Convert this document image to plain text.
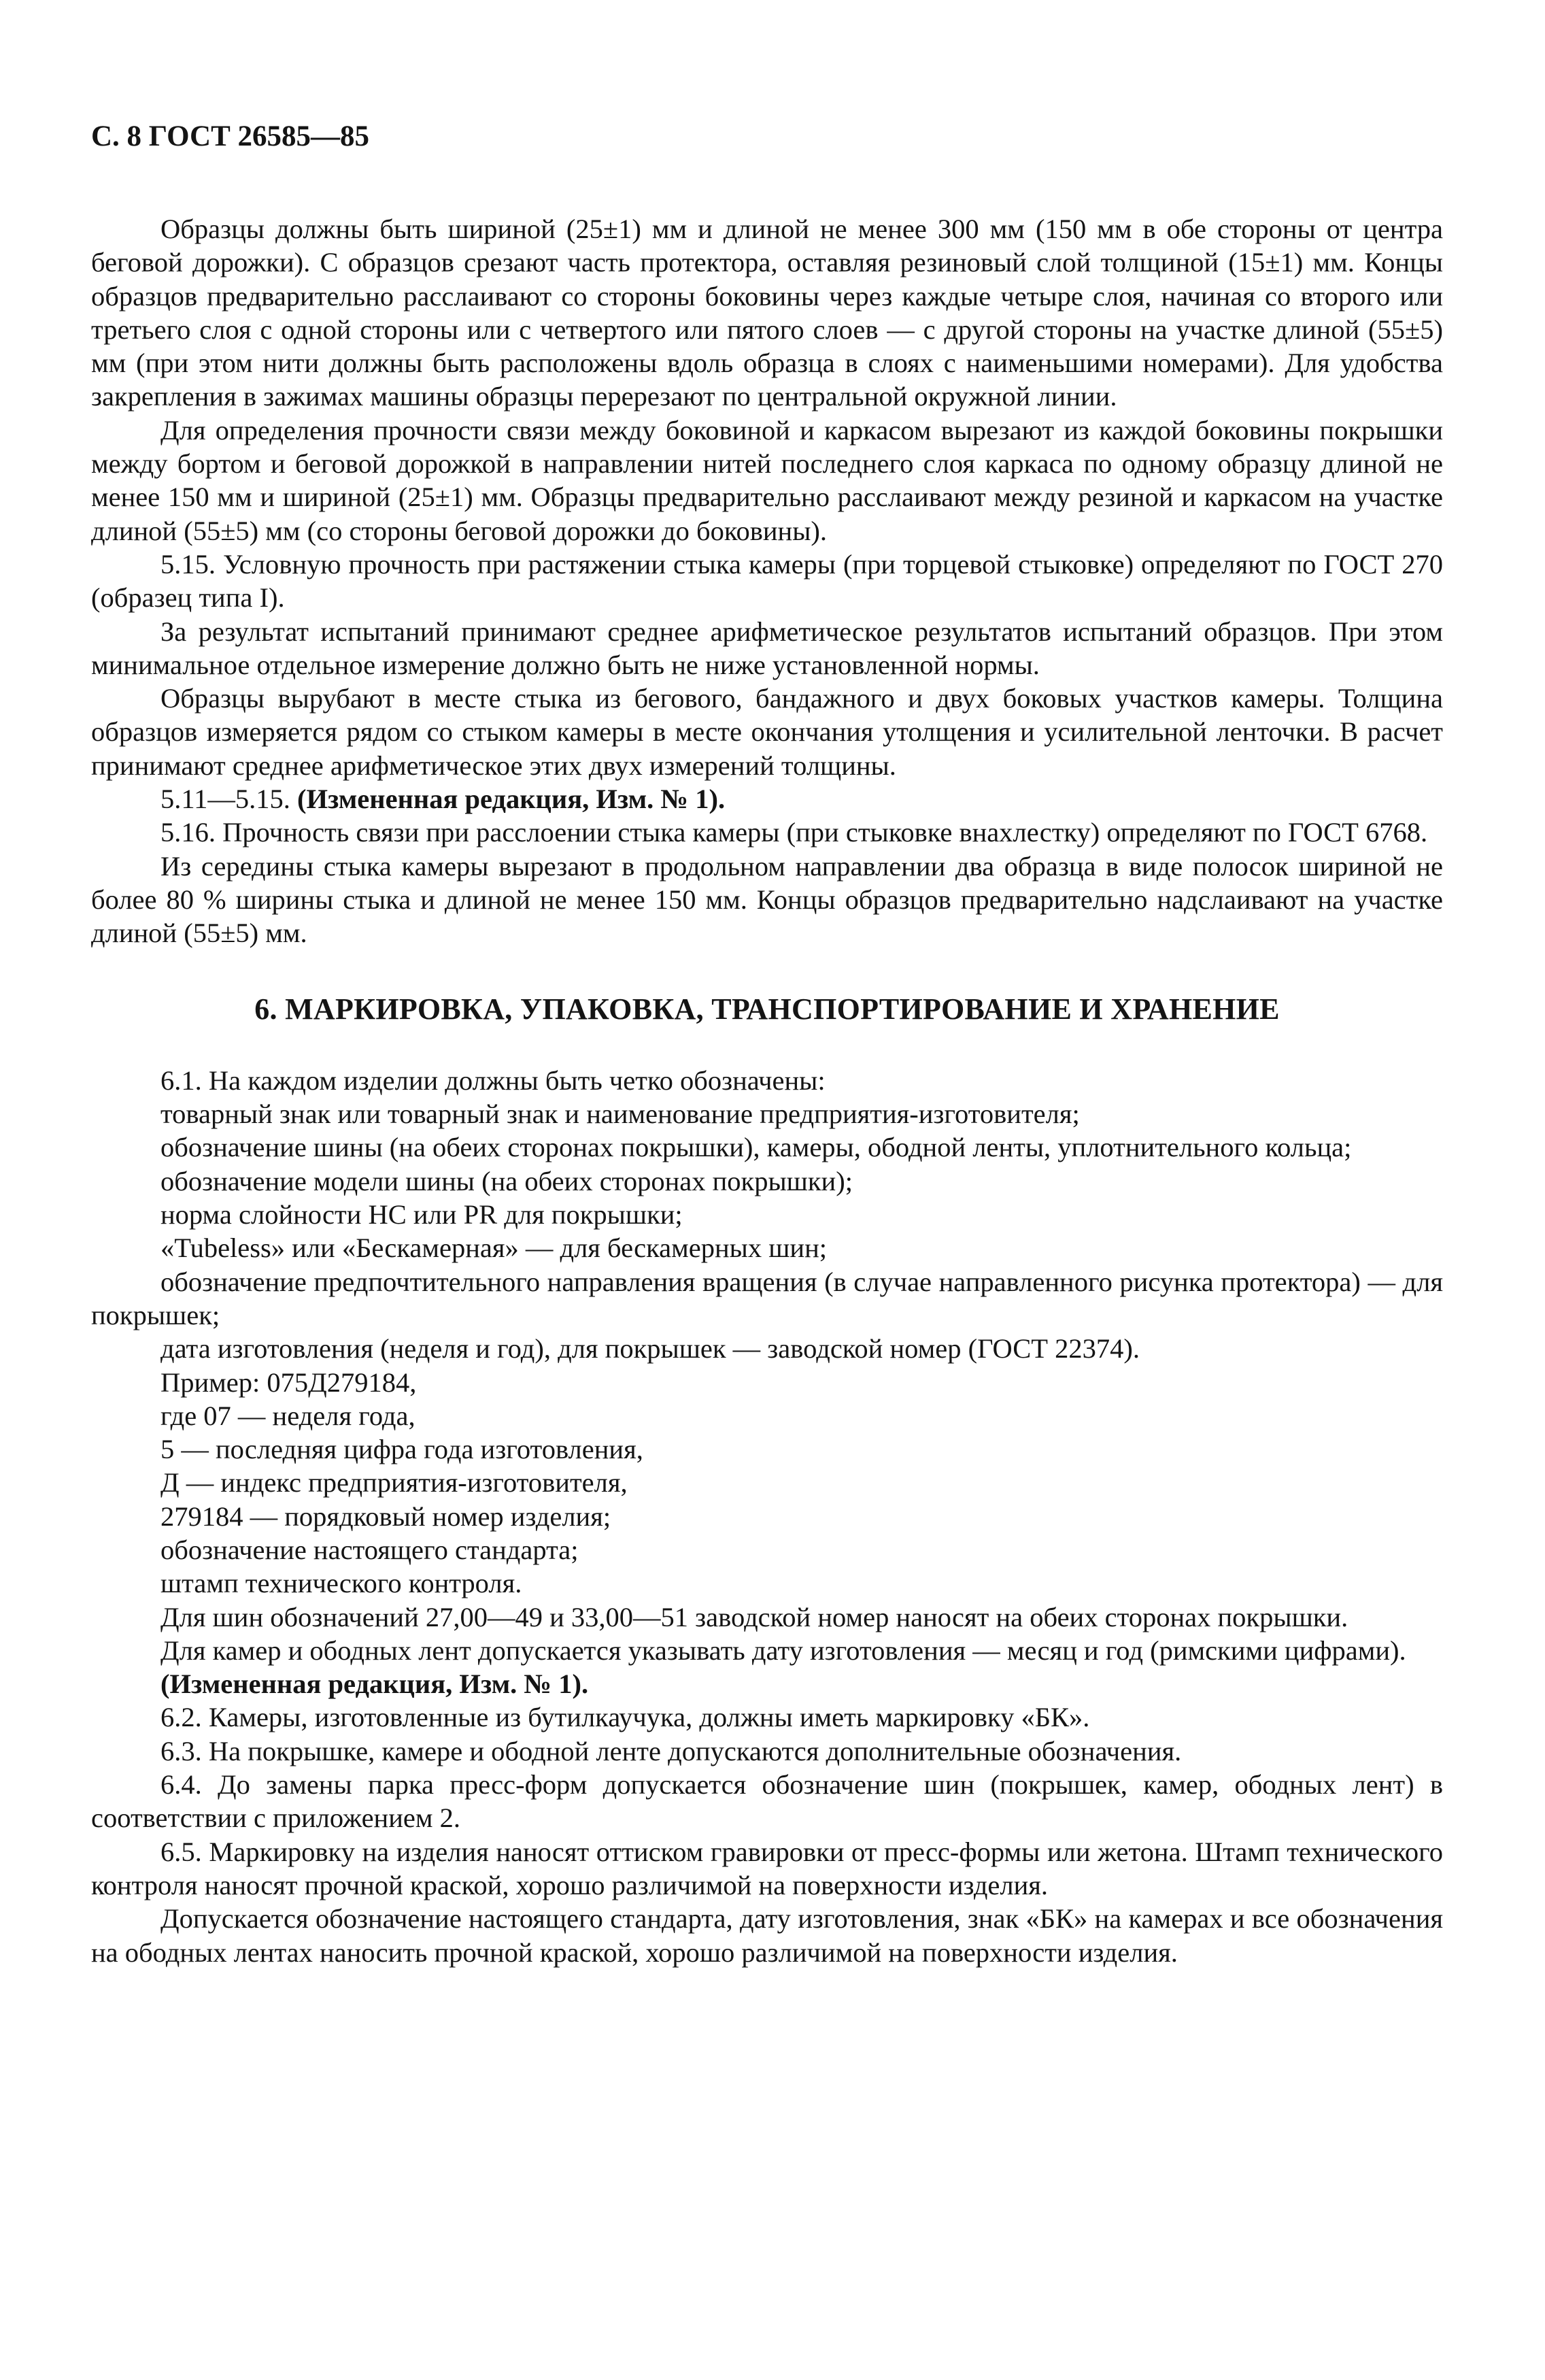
С. 8 ГОСТ 26585—85

Образцы должны быть шириной (25±1) мм и длиной не менее 300 мм (150 мм в обе стороны от центра беговой дорожки). С образцов срезают часть протектора, оставляя резиновый слой толщиной (15±1) мм. Концы образцов предварительно расслаивают со стороны боковины через каждые четыре слоя, начиная со второго или третьего слоя с одной стороны или с четвертого или пятого слоев — с другой стороны на участке длиной (55±5) мм (при этом нити должны быть расположены вдоль образца в слоях с наименьшими номерами). Для удобства закрепления в зажимах машины образцы перерезают по центральной окружной линии.

Для определения прочности связи между боковиной и каркасом вырезают из каждой боковины покрышки между бортом и беговой дорожкой в направлении нитей последнего слоя каркаса по одному образцу длиной не менее 150 мм и шириной (25±1) мм. Образцы предварительно расслаивают между резиной и каркасом на участке длиной (55±5) мм (со стороны беговой дорожки до боковины).

5.15. Условную прочность при растяжении стыка камеры (при торцевой стыковке) определяют по ГОСТ 270 (образец типа I).

За результат испытаний принимают среднее арифметическое результатов испытаний образцов. При этом минимальное отдельное измерение должно быть не ниже установленной нормы.

Образцы вырубают в месте стыка из бегового, бандажного и двух боковых участков камеры. Толщина образцов измеряется рядом со стыком камеры в месте окончания утолщения и усилительной ленточки. В расчет принимают среднее арифметическое этих двух измерений толщины.

5.11—5.15. (Измененная редакция, Изм. № 1).

5.16. Прочность связи при расслоении стыка камеры (при стыковке внахлестку) определяют по ГОСТ 6768.

Из середины стыка камеры вырезают в продольном направлении два образца в виде полосок шириной не более 80 % ширины стыка и длиной не менее 150 мм. Концы образцов предварительно надслаивают на участке длиной (55±5) мм.

6. МАРКИРОВКА, УПАКОВКА, ТРАНСПОРТИРОВАНИЕ И ХРАНЕНИЕ

6.1. На каждом изделии должны быть четко обозначены:

товарный знак или товарный знак и наименование предприятия-изготовителя;

обозначение шины (на обеих сторонах покрышки), камеры, ободной ленты, уплотнительного кольца;

обозначение модели шины (на обеих сторонах покрышки);

норма слойности НС или PR для покрышки;

«Tubeless» или «Бескамерная» — для бескамерных шин;

обозначение предпочтительного направления вращения (в случае направленного рисунка протектора) — для покрышек;

дата изготовления (неделя и год), для покрышек — заводской номер (ГОСТ 22374).

Пример: 075Д279184,

где 07 — неделя года,

5 — последняя цифра года изготовления,

Д — индекс предприятия-изготовителя,

279184 — порядковый номер изделия;

обозначение настоящего стандарта;

штамп технического контроля.

Для шин обозначений 27,00—49 и 33,00—51 заводской номер наносят на обеих сторонах покрышки.

Для камер и ободных лент допускается указывать дату изготовления — месяц и год (римскими цифрами).

(Измененная редакция, Изм. № 1).

6.2. Камеры, изготовленные из бутилкаучука, должны иметь маркировку «БК».

6.3. На покрышке, камере и ободной ленте допускаются дополнительные обозначения.

6.4. До замены парка пресс-форм допускается обозначение шин (покрышек, камер, ободных лент) в соответствии с приложением 2.

6.5. Маркировку на изделия наносят оттиском гравировки от пресс-формы или жетона. Штамп технического контроля наносят прочной краской, хорошо различимой на поверхности изделия.

Допускается обозначение настоящего стандарта, дату изготовления, знак «БК» на камерах и все обозначения на ободных лентах наносить прочной краской, хорошо различимой на поверхности изделия.
